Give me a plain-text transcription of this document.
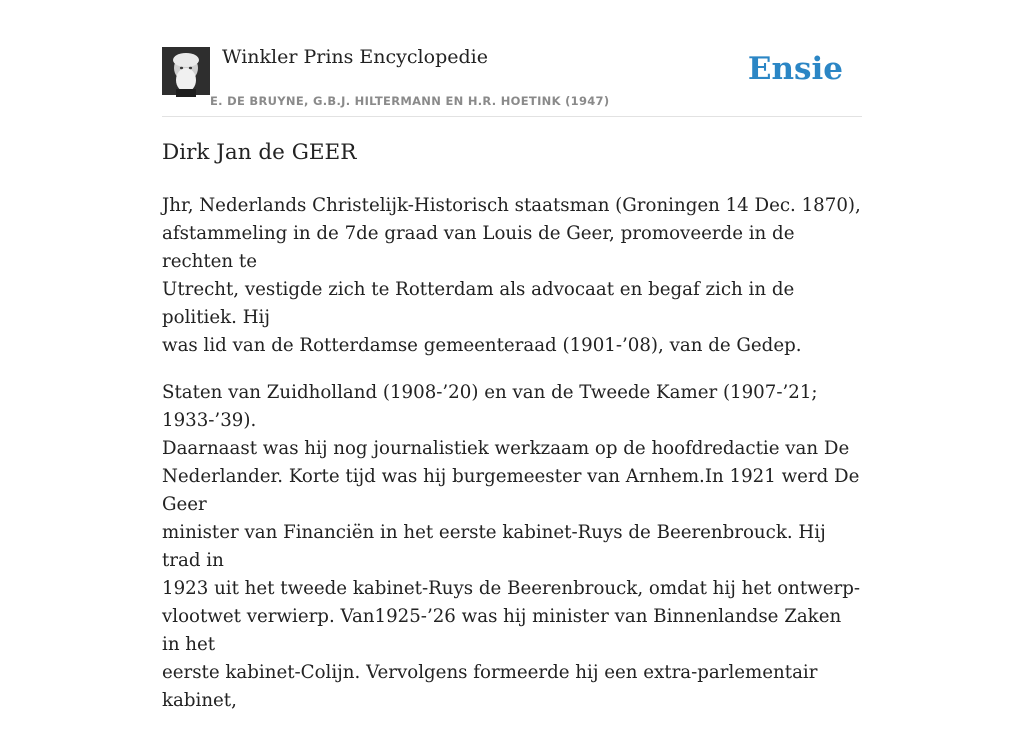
Winkler Prins Encyclopedie
E. DE BRUYNE, G.B.J. HILTERMANN EN H.R. HOETINK (1947)
Ensie
Dirk Jan de GEER

Jhr, Nederlands Christelijk-Historisch staatsman (Groningen 14 Dec. 1870),
afstammeling in de 7de graad van Louis de Geer, promoveerde in de rechten te
Utrecht, vestigde zich te Rotterdam als advocaat en begaf zich in de politiek. Hij
was lid van de Rotterdamse gemeenteraad (1901-’08), van de Gedep.

Staten van Zuidholland (1908-’20) en van de Tweede Kamer (1907-’21; 1933-’39).
Daarnaast was hij nog journalistiek werkzaam op de hoofdredactie van De
Nederlander. Korte tijd was hij burgemeester van Arnhem.In 1921 werd De Geer
minister van Financiën in het eerste kabinet-Ruys de Beerenbrouck. Hij trad in
1923 uit het tweede kabinet-Ruys de Beerenbrouck, omdat hij het ontwerp-
vlootwet verwierp. Van1925-’26 was hij minister van Binnenlandse Zaken in het
eerste kabinet-Colijn. Vervolgens formeerde hij een extra-parlementair kabinet,
